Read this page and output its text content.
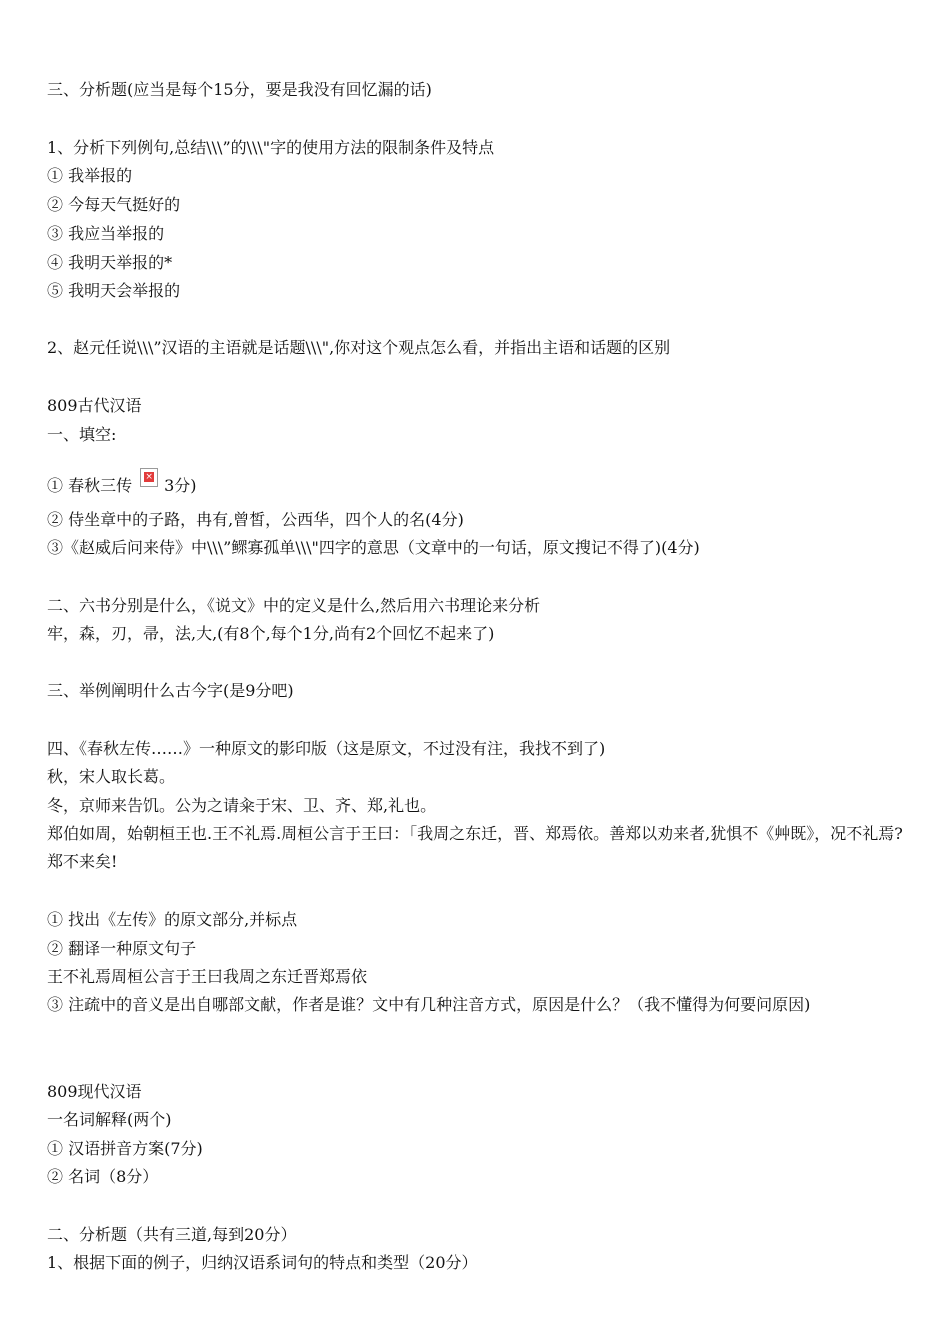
三、分析题(应当是每个15分，要是我没有回忆漏的话)
1、分析下列例句,总结\\\”的\\\"字的使用方法的限制条件及特点
① 我举报的
② 今每天气挺好的
③ 我应当举报的
④ 我明天举报的*
⑤ 我明天会举报的
2、赵元任说\\\”汉语的主语就是话题\\\",你对这个观点怎么看，并指出主语和话题的区别
809古代汉语
一、填空:
① 春秋三传 × 3分)
② 侍坐章中的子路，冉有,曾皙，公西华，四个人的名(4分)
③《赵威后问来侍》中\\\”鳏寡孤单\\\"四字的意思（文章中的一句话，原文搜记不得了)(4分)
二、六书分别是什么，《说文》中的定义是什么,然后用六书理论来分析
牢，森，刃，帚，法,大,(有8个,每个1分,尚有2个回忆不起来了)
三、举例阐明什么古今字(是9分吧)
四、《春秋左传……》一种原文的影印版（这是原文，不过没有注，我找不到了)
秋，宋人取长葛。
冬，京师来告饥。公为之请籴于宋、卫、齐、郑,礼也。
郑伯如周，始朝桓王也.王不礼焉.周桓公言于王曰：「我周之东迁，晋、郑焉依。善郑以劝来者,犹惧不《艸既》，况不礼焉?郑不来矣!
① 找出《左传》的原文部分,并标点
② 翻译一种原文句子
王不礼焉周桓公言于王曰我周之东迁晋郑焉依
③ 注疏中的音义是出自哪部文献，作者是谁？文中有几种注音方式，原因是什么？（我不懂得为何要问原因)
809现代汉语
一名词解释(两个)
① 汉语拼音方案(7分)
② 名词（8分）
二、分析题（共有三道,每到20分）
1、根据下面的例子，归纳汉语系词句的特点和类型（20分）
